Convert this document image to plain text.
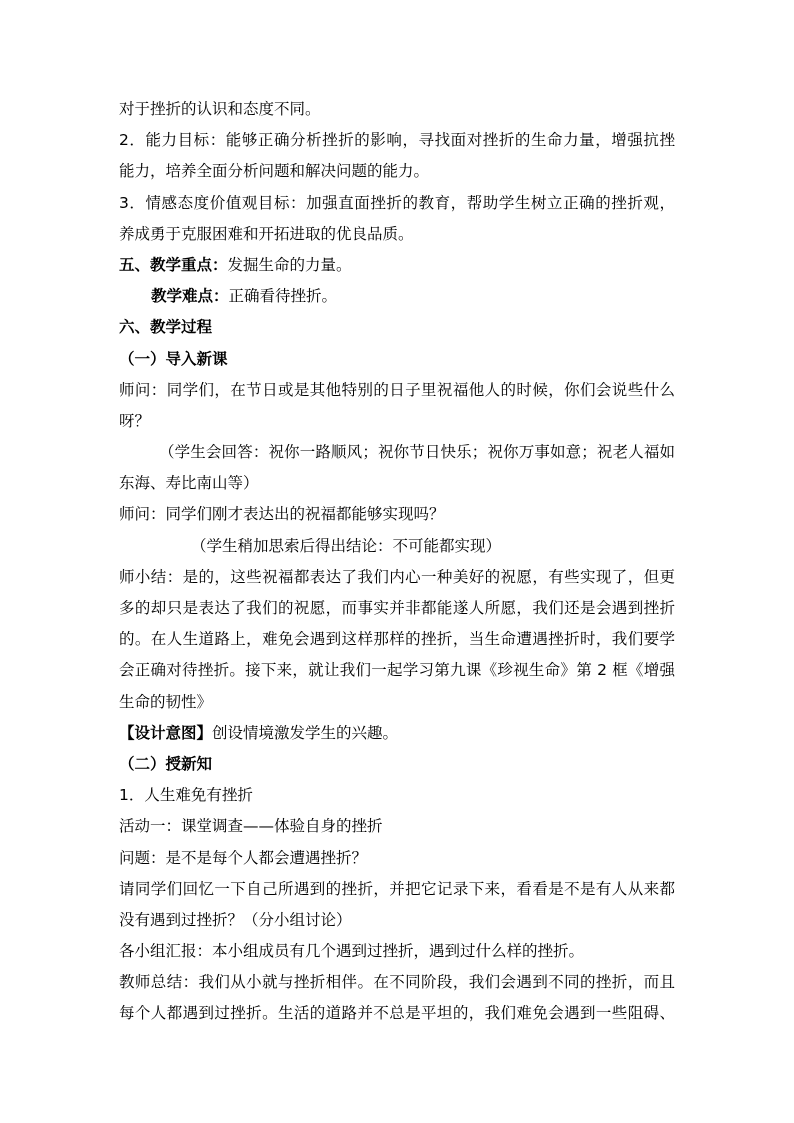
对于挫折的认识和态度不同。
2．能力目标：能够正确分析挫折的影响，寻找面对挫折的生命力量，增强抗挫
能力，培养全面分析问题和解决问题的能力。
3．情感态度价值观目标：加强直面挫折的教育，帮助学生树立正确的挫折观，
养成勇于克服困难和开拓进取的优良品质。
五、教学重点：发掘生命的力量。
教学难点：正确看待挫折。
六、教学过程
（一）导入新课
师问：同学们，在节日或是其他特别的日子里祝福他人的时候，你们会说些什么
呀？
（学生会回答：祝你一路顺风；祝你节日快乐；祝你万事如意；祝老人福如
东海、寿比南山等）
师问：同学们刚才表达出的祝福都能够实现吗？
（学生稍加思索后得出结论：不可能都实现）
师小结：是的，这些祝福都表达了我们内心一种美好的祝愿，有些实现了，但更
多的却只是表达了我们的祝愿，而事实并非都能遂人所愿，我们还是会遇到挫折
的。在人生道路上，难免会遇到这样那样的挫折，当生命遭遇挫折时，我们要学
会正确对待挫折。接下来，就让我们一起学习第九课《珍视生命》第 2 框《增强
生命的韧性》
【设计意图】创设情境激发学生的兴趣。
（二）授新知
1．人生难免有挫折
活动一：课堂调查——体验自身的挫折
问题：是不是每个人都会遭遇挫折？
请同学们回忆一下自己所遇到的挫折，并把它记录下来，看看是不是有人从来都
没有遇到过挫折？（分小组讨论）
各小组汇报：本小组成员有几个遇到过挫折，遇到过什么样的挫折。
教师总结：我们从小就与挫折相伴。在不同阶段，我们会遇到不同的挫折，而且
每个人都遇到过挫折。生活的道路并不总是平坦的，我们难免会遇到一些阻碍、
